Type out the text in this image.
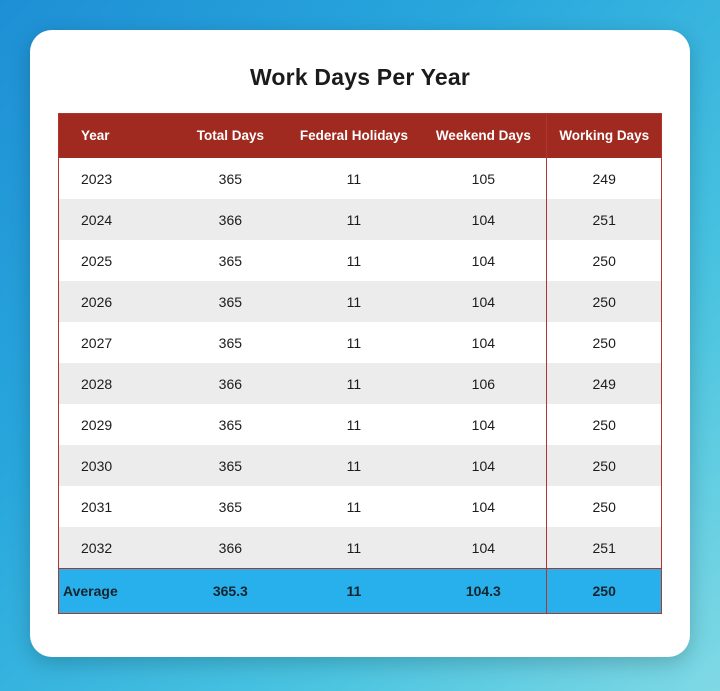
Work Days Per Year
Year	Total Days	Federal Holidays	Weekend Days	Working Days
2023	365	11	105	249
2024	366	11	104	251
2025	365	11	104	250
2026	365	11	104	250
2027	365	11	104	250
2028	366	11	106	249
2029	365	11	104	250
2030	365	11	104	250
2031	365	11	104	250
2032	366	11	104	251
Average	365.3	11	104.3	250
